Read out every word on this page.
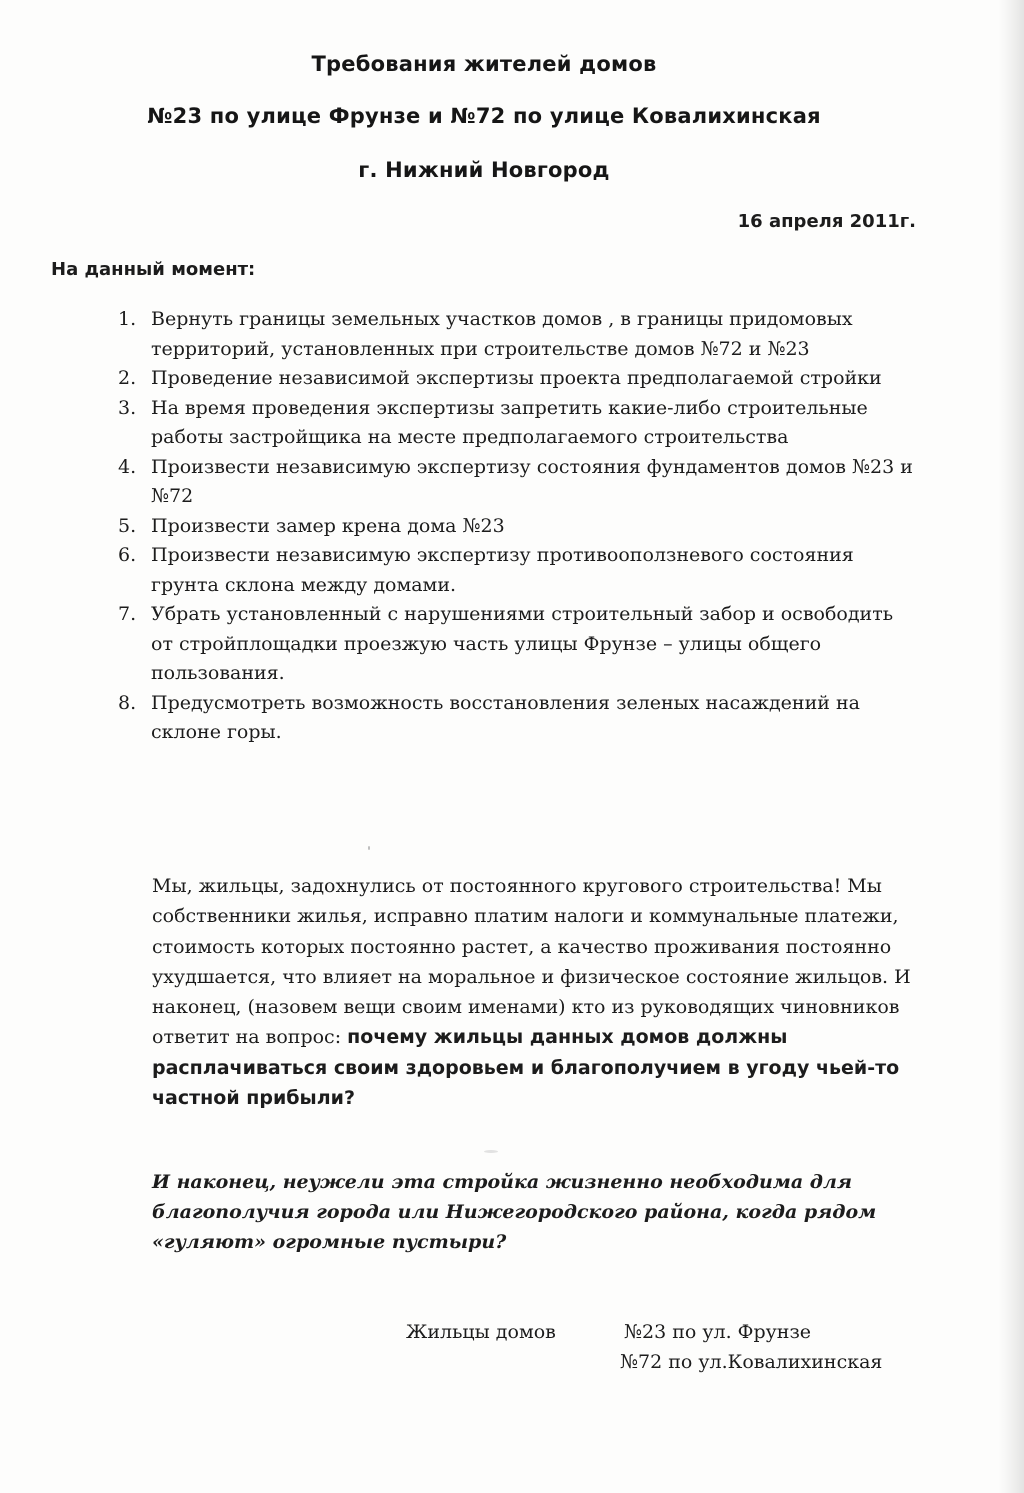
Требования жителей домов
№23 по улице Фрунзе и №72 по улице Ковалихинская
г. Нижний Новгород

16 апреля 2011г.

На данный момент:

1. Вернуть границы земельных участков домов , в границы придомовых территорий, установленных при строительстве домов №72 и №23
2. Проведение независимой экспертизы проекта предполагаемой стройки
3. На время проведения экспертизы запретить какие-либо строительные работы застройщика на месте предполагаемого строительства
4. Произвести независимую экспертизу состояния фундаментов домов №23 и №72
5. Произвести замер крена дома №23
6. Произвести независимую экспертизу противооползневого состояния грунта склона между домами.
7. Убрать установленный с нарушениями строительный забор и освободить от стройплощадки проезжую часть улицы Фрунзе – улицы общего пользования.
8. Предусмотреть возможность восстановления зеленых насаждений на склоне горы.

Мы, жильцы, задохнулись от постоянного кругового строительства! Мы собственники жилья, исправно платим налоги и коммунальные платежи, стоимость которых постоянно растет, а качество проживания постоянно ухудшается, что влияет на моральное и физическое состояние жильцов. И наконец, (назовем вещи своим именами) кто из руководящих чиновников ответит на вопрос: почему жильцы данных домов должны расплачиваться своим здоровьем и благополучием в угоду чьей-то частной прибыли?

И наконец, неужели эта стройка жизненно необходима для благополучия города или Нижегородского района, когда рядом «гуляют» огромные пустыри?

Жильцы домов	№23 по ул. Фрунзе

№72 по ул.Ковалихинская
